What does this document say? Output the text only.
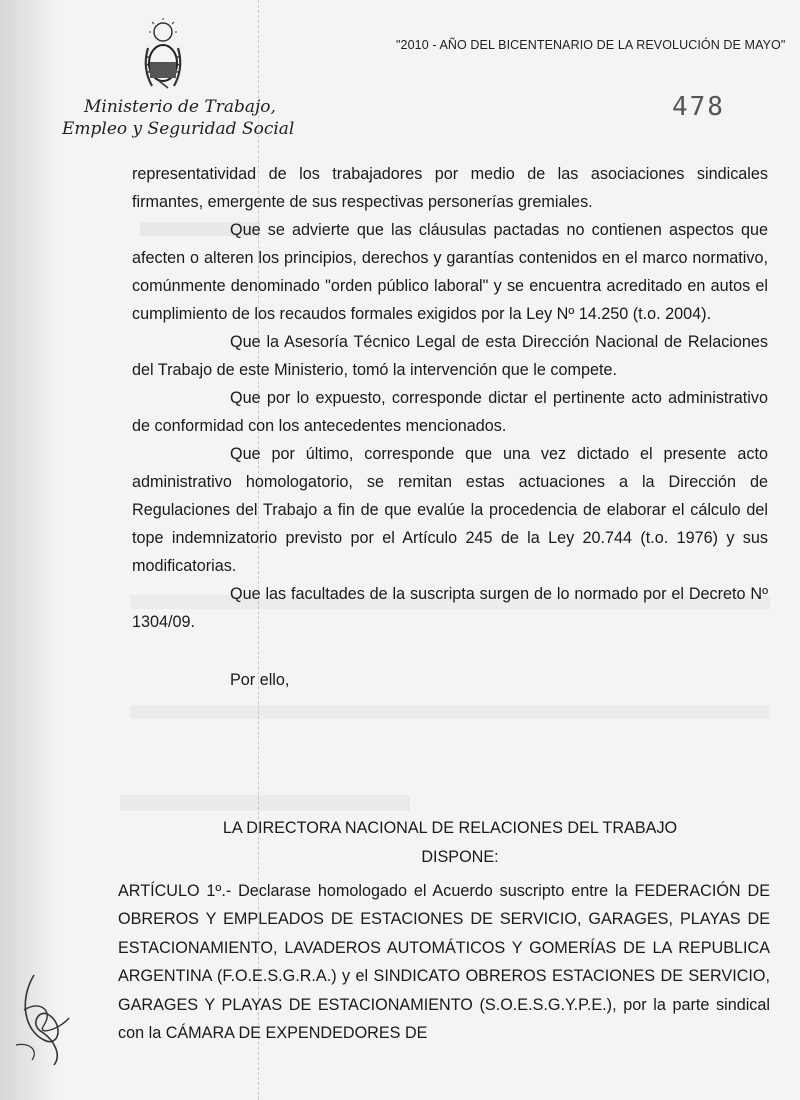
Ministerio de Trabajo,
Empleo y Seguridad Social
"2010 - AÑO DEL BICENTENARIO DE LA REVOLUCIÓN DE MAYO"
478

representatividad de los trabajadores por medio de las asociaciones sindicales firmantes, emergente de sus respectivas personerías gremiales.

Que se advierte que las cláusulas pactadas no contienen aspectos que afecten o alteren los principios, derechos y garantías contenidos en el marco normativo, comúnmente denominado "orden público laboral" y se encuentra acreditado en autos el cumplimiento de los recaudos formales exigidos por la Ley Nº 14.250 (t.o. 2004).

Que la Asesoría Técnico Legal de esta Dirección Nacional de Relaciones del Trabajo de este Ministerio, tomó la intervención que le compete.

Que por lo expuesto, corresponde dictar el pertinente acto administrativo de conformidad con los antecedentes mencionados.

Que por último, corresponde que una vez dictado el presente acto administrativo homologatorio, se remitan estas actuaciones a la Dirección de Regulaciones del Trabajo a fin de que evalúe la procedencia de elaborar el cálculo del tope indemnizatorio previsto por el Artículo 245 de la Ley 20.744 (t.o. 1976) y sus modificatorias.

Que las facultades de la suscripta surgen de lo normado por el Decreto Nº 1304/09.

Por ello,

LA DIRECTORA NACIONAL DE RELACIONES DEL TRABAJO
DISPONE:
ARTÍCULO 1º.- Declarase homologado el Acuerdo suscripto entre la FEDERACIÓN DE OBREROS Y EMPLEADOS DE ESTACIONES DE SERVICIO, GARAGES, PLAYAS DE ESTACIONAMIENTO, LAVADEROS AUTOMÁTICOS Y GOMERÍAS DE LA REPUBLICA ARGENTINA (F.O.E.S.G.R.A.) y el SINDICATO OBREROS ESTACIONES DE SERVICIO, GARAGES Y PLAYAS DE ESTACIONAMIENTO (S.O.E.S.G.Y.P.E.), por la parte sindical con la CÁMARA DE EXPENDEDORES DE
